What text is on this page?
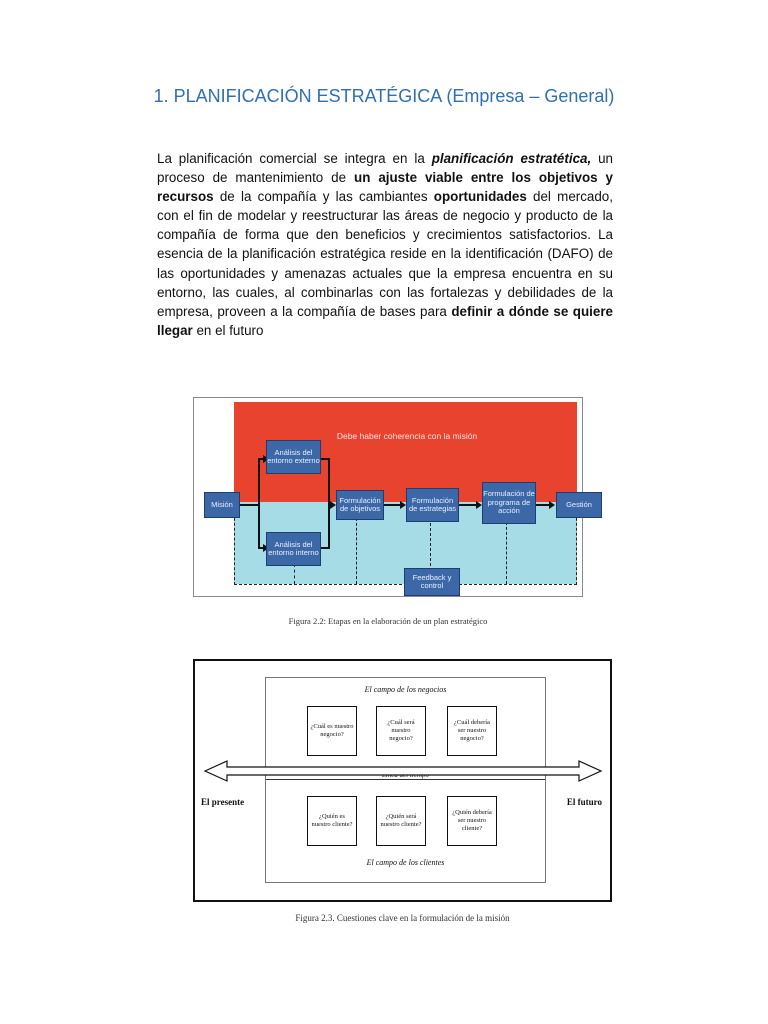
1. PLANIFICACIÓN ESTRATÉGICA (Empresa – General)

La planificación comercial se integra en la planificación estratética, un proceso de mantenimiento de un ajuste viable entre los objetivos y recursos de la compañía y las cambiantes oportunidades del mercado, con el fin de modelar y reestructurar las áreas de negocio y producto de la compañía de forma que den beneficios y crecimientos satisfactorios. La esencia de la planificación estratégica reside en la identificación (DAFO) de las oportunidades y amenazas actuales que la empresa encuentra en su entorno, las cuales, al combinarlas con las fortalezas y debilidades de la empresa, proveen a la compañía de bases para definir a dónde se quiere llegar en el futuro

Debe haber coherencia con la misión
Misión
Análisis del entorno externo
Análisis del entorno interno
Formulación de objetivos
Formulación de estrategias
Formulación de programa de acción
Gestión
Feedback y control

Figura 2.2: Etapas en la elaboración de un plan estratégico

El campo de los negocios
¿Cuál es nuestro negocio?
¿Cuál será nuestro negocio?
¿Cuál debería ser nuestro negocio?
¿Quién es nuestro cliente?
¿Quién será nuestro cliente?
¿Quién debería ser nuestro cliente?
El campo de los clientes
El presente	El futuro

Figura 2.3. Cuestiones clave en la formulación de la misión
